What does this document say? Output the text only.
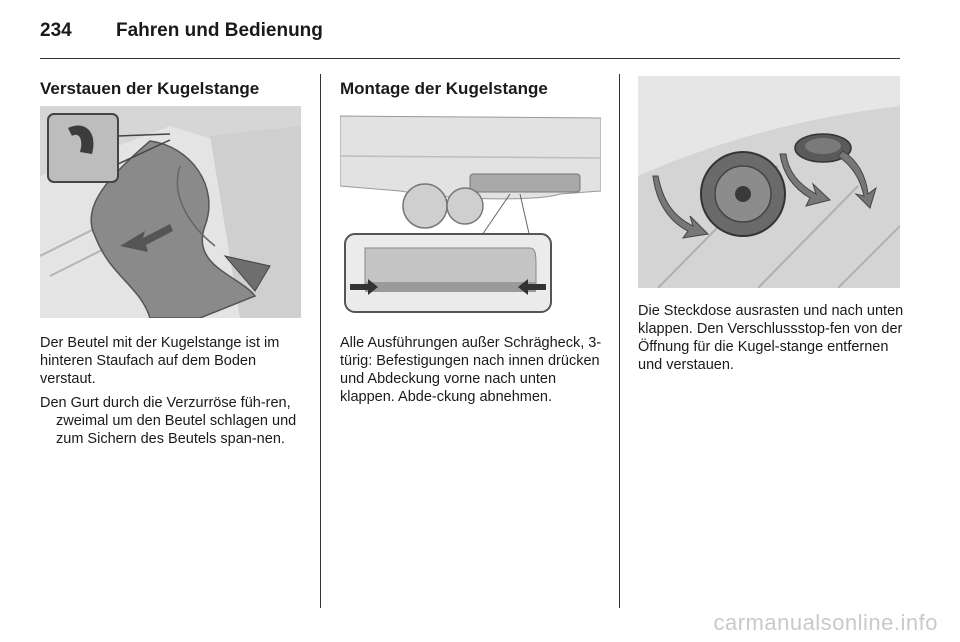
234 Fahren und Bedienung
Verstauen der Kugelstange

Der Beutel mit der Kugelstange ist im hinteren Staufach auf dem Boden verstaut.

Den Gurt durch die Verzurröse füh-ren, zweimal um den Beutel schlagen und zum Sichern des Beutels span-nen.

Montage der Kugelstange

Alle Ausführungen außer Schrägheck, 3-türig: Befestigungen nach innen drücken und Abdeckung vorne nach unten klappen. Abde-ckung abnehmen.

Die Steckdose ausrasten und nach unten klappen. Den Verschlussstop-fen von der Öffnung für die Kugel-stange entfernen und verstauen.

carmanualsonline.info
